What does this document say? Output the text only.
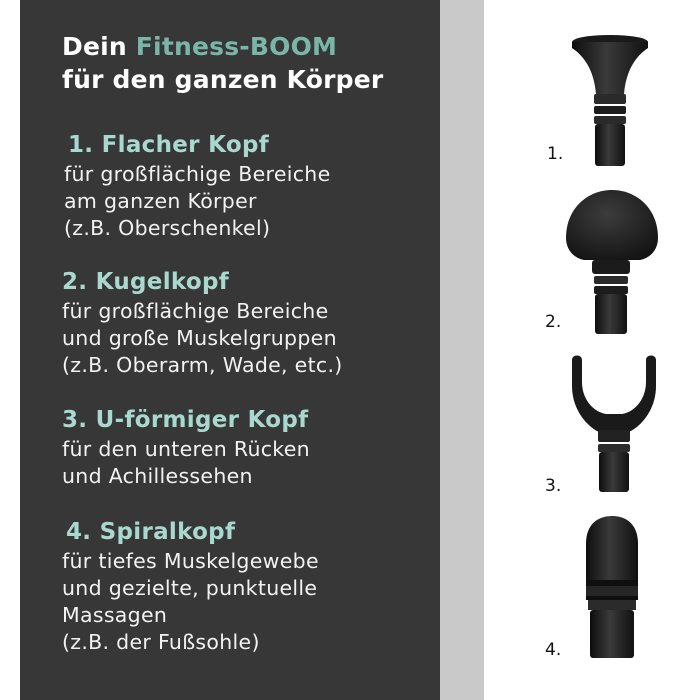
Dein Fitness-BOOM
für den ganzen Körper
1. Flacher Kopf
für großflächige Bereiche
am ganzen Körper
(z.B. Oberschenkel)
2. Kugelkopf
für großflächige Bereiche
und große Muskelgruppen
(z.B. Oberarm, Wade, etc.)
3. U-förmiger Kopf
für den unteren Rücken
und Achillessehen
4. Spiralkopf
für tiefes Muskelgewebe
und gezielte, punktuelle
Massagen
(z.B. der Fußsohle)
1.
2.
3.
4.
